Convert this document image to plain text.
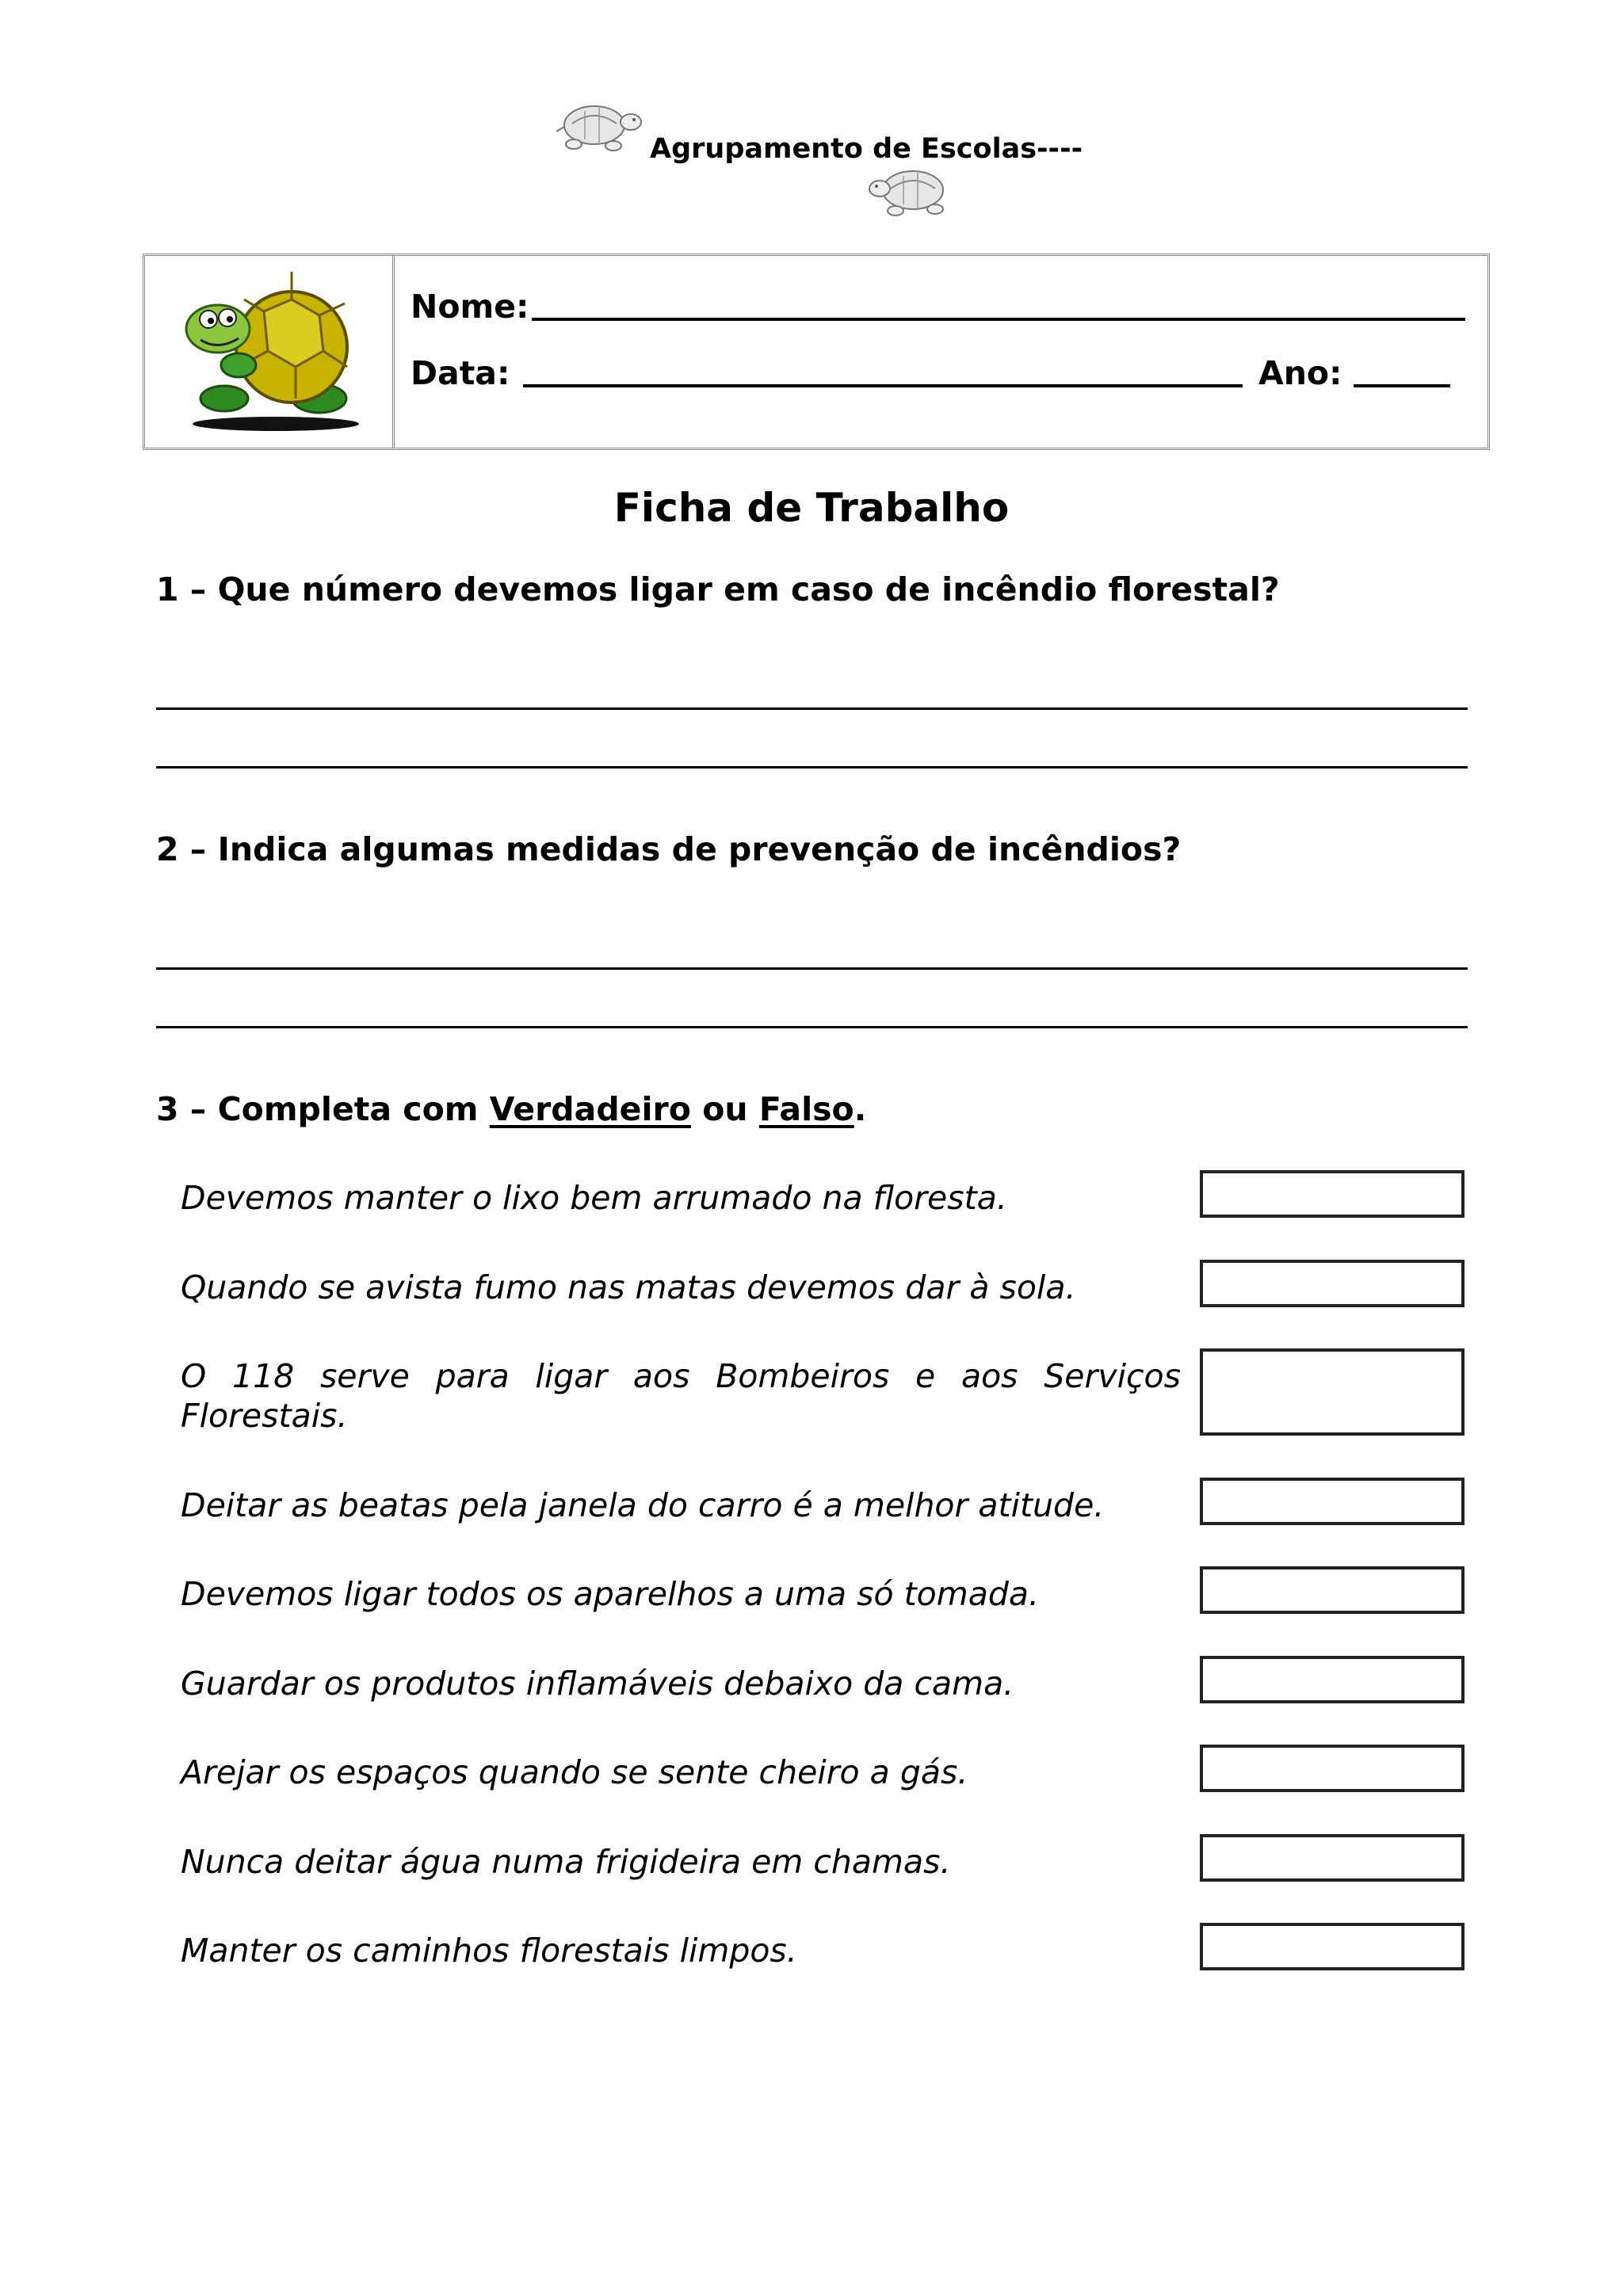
Agrupamento de Escolas----
Nome:
Data:	Ano:
Ficha de Trabalho
1 – Que número devemos ligar em caso de incêndio florestal?
2 – Indica algumas medidas de prevenção de incêndios?
3 – Completa com Verdadeiro ou Falso.
Devemos manter o lixo bem arrumado na floresta.
Quando se avista fumo nas matas devemos dar à sola.
O 118 serve para ligar aos Bombeiros e aos Serviços
Florestais.
Deitar as beatas pela janela do carro é a melhor atitude.
Devemos ligar todos os aparelhos a uma só tomada.
Guardar os produtos inflamáveis debaixo da cama.
Arejar os espaços quando se sente cheiro a gás.
Nunca deitar água numa frigideira em chamas.
Manter os caminhos florestais limpos.
